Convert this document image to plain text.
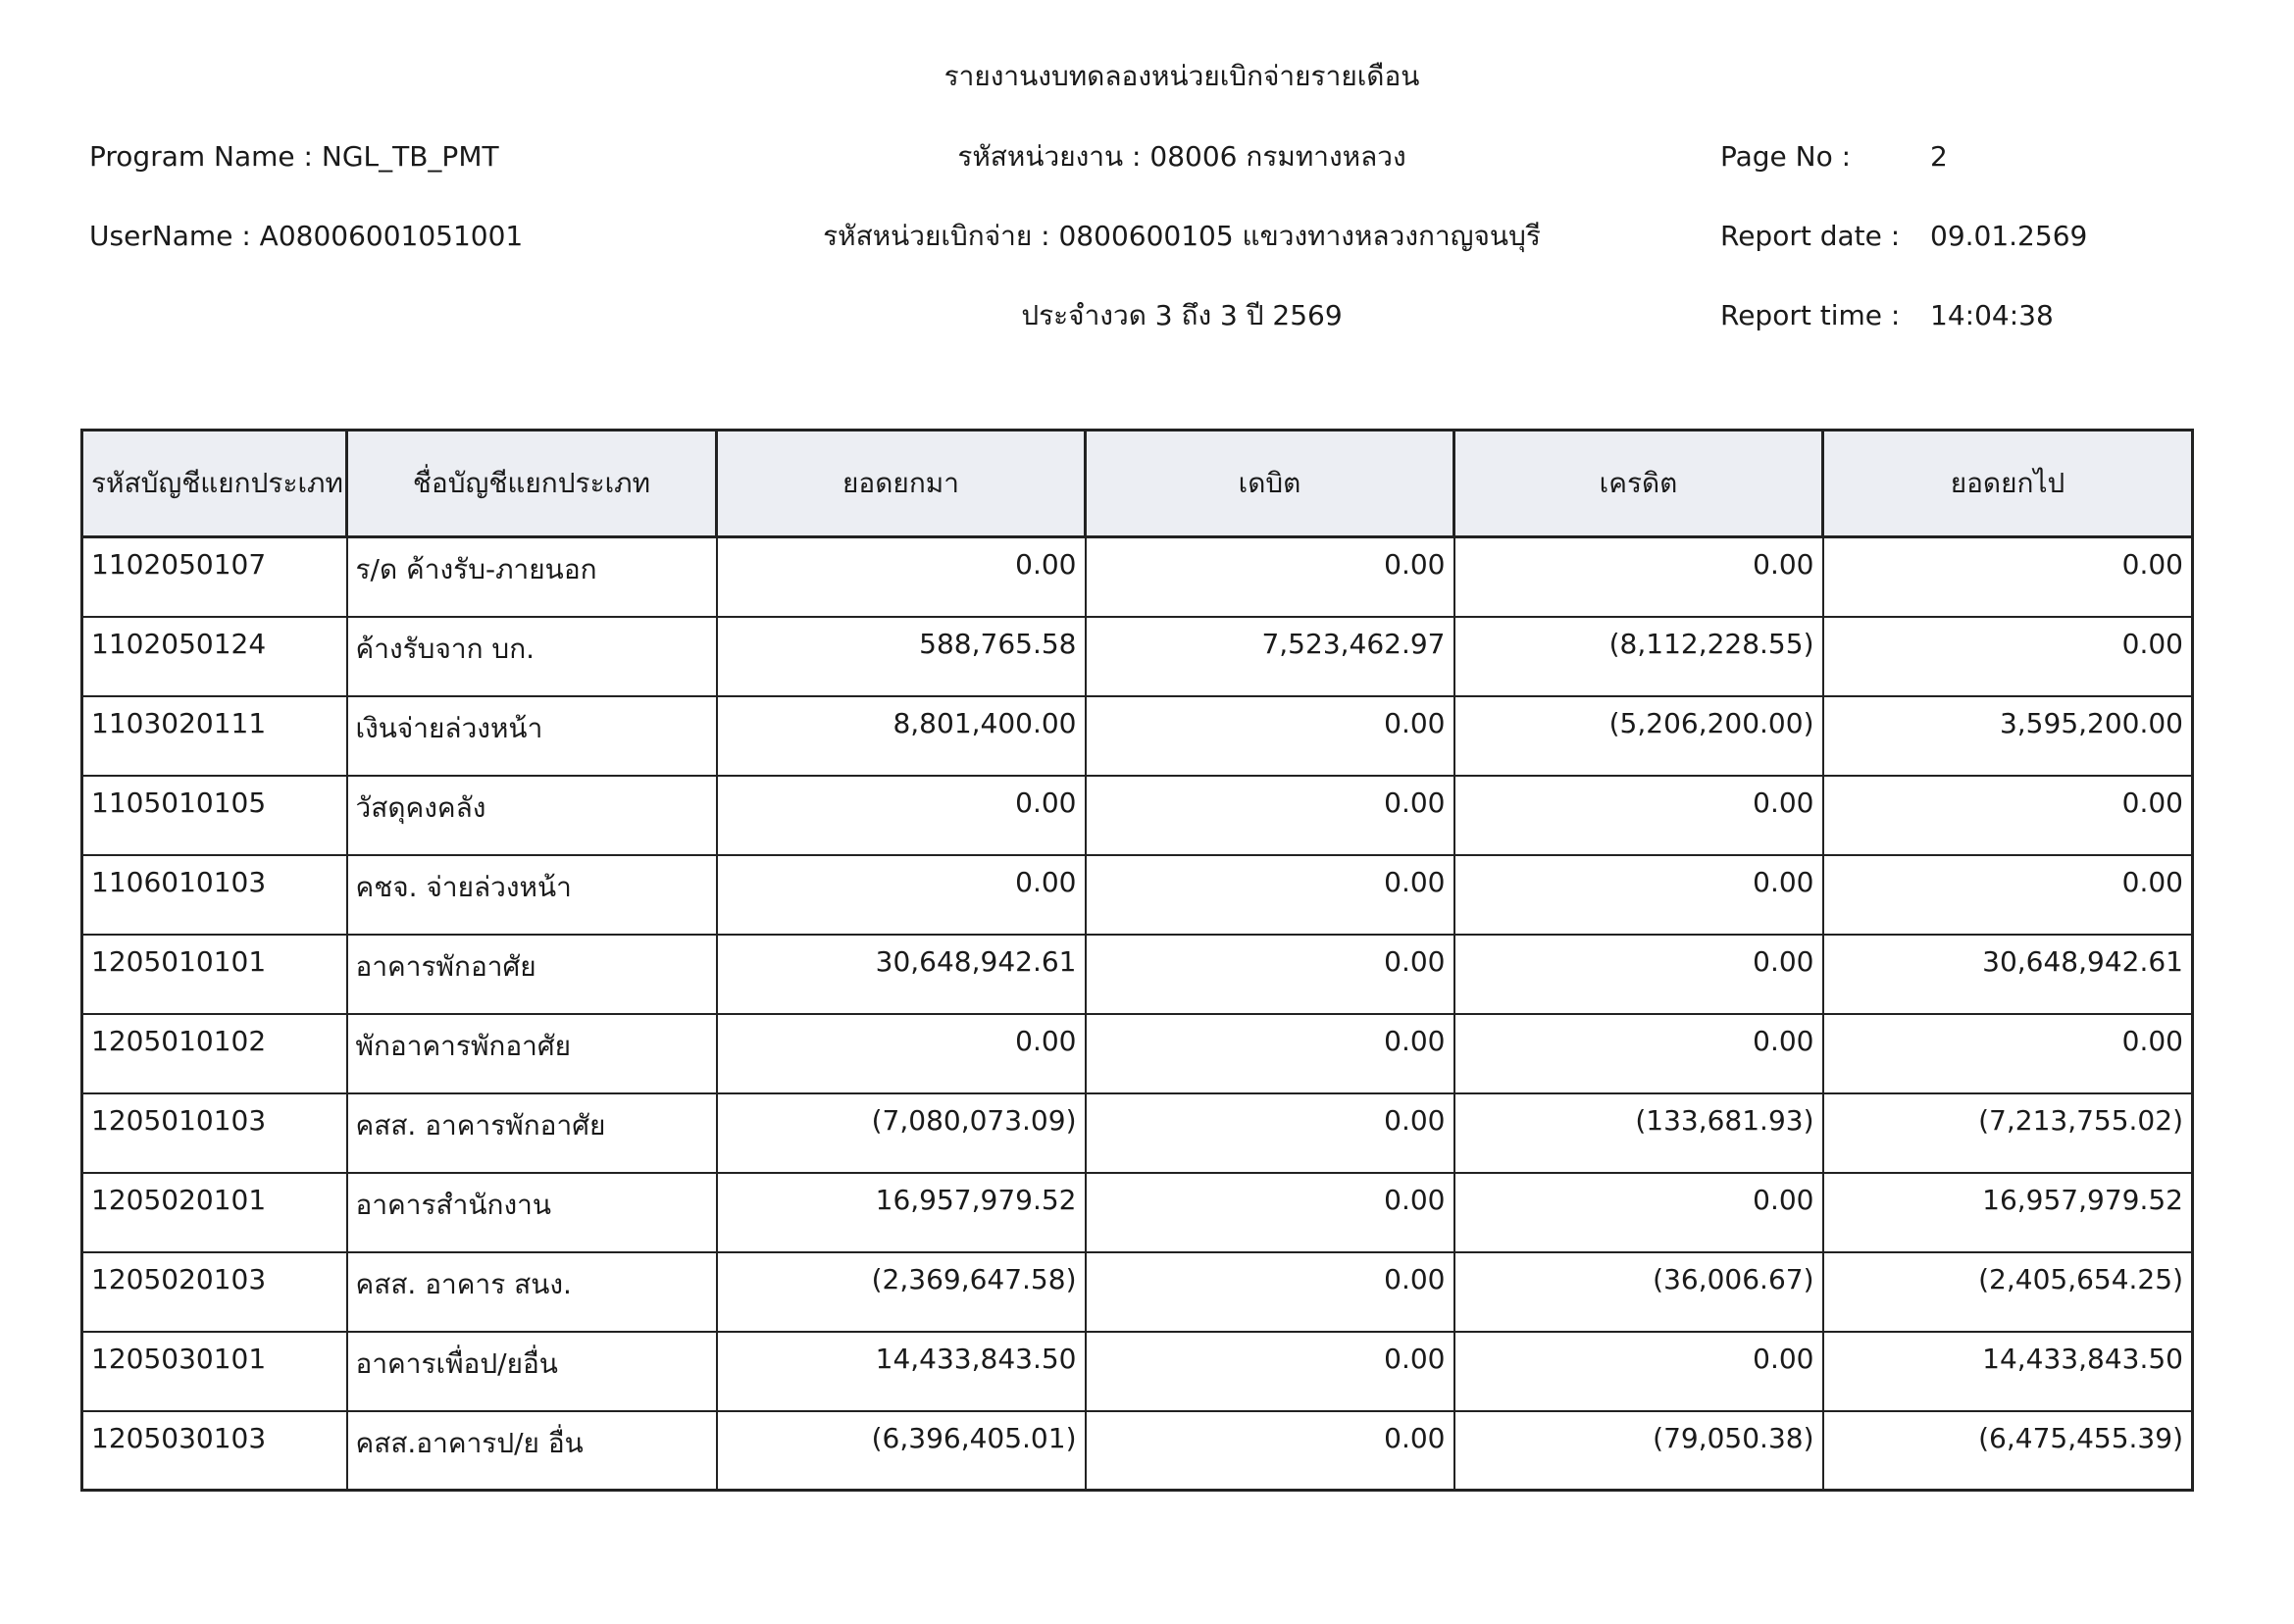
รายงานงบทดลองหน่วยเบิกจ่ายรายเดือน
Program Name : NGL_TB_PMT	รหัสหน่วยงาน : 08006 กรมทางหลวง	Page No :	2
UserName : A08006001051001	รหัสหน่วยเบิกจ่าย : 0800600105 แขวงทางหลวงกาญจนบุรี	Report date : 09.01.2569
ประจำงวด 3 ถึง 3 ปี 2569	Report time : 14:04:38
รหัสบัญชีแยกประเภท	ชื่อบัญชีแยกประเภท	ยอดยกมา	เดบิต	เครดิต	ยอดยกไป
1102050107	ร/ด ค้างรับ-ภายนอก	0.00	0.00	0.00	0.00
1102050124	ค้างรับจาก บก.	588,765.58	7,523,462.97	(8,112,228.55)	0.00
1103020111	เงินจ่ายล่วงหน้า	8,801,400.00	0.00	(5,206,200.00)	3,595,200.00
1105010105	วัสดุคงคลัง	0.00	0.00	0.00	0.00
1106010103	คชจ. จ่ายล่วงหน้า	0.00	0.00	0.00	0.00
1205010101	อาคารพักอาศัย	30,648,942.61	0.00	0.00	30,648,942.61
1205010102	พักอาคารพักอาศัย	0.00	0.00	0.00	0.00
1205010103	คสส. อาคารพักอาศัย	(7,080,073.09)	0.00	(133,681.93)	(7,213,755.02)
1205020101	อาคารสำนักงาน	16,957,979.52	0.00	0.00	16,957,979.52
1205020103	คสส. อาคาร สนง.	(2,369,647.58)	0.00	(36,006.67)	(2,405,654.25)
1205030101	อาคารเพื่อป/ยอื่น	14,433,843.50	0.00	0.00	14,433,843.50
1205030103	คสส.อาคารป/ย อื่น	(6,396,405.01)	0.00	(79,050.38)	(6,475,455.39)
